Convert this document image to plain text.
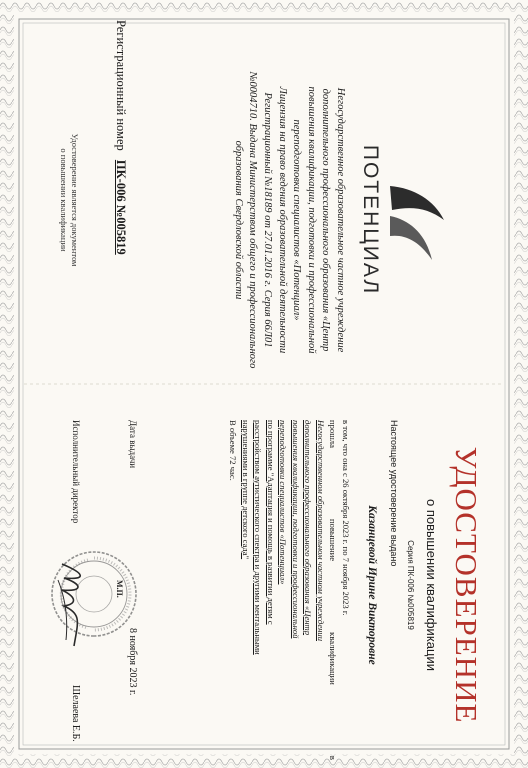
ПОТЕНЦИАЛ

Негосударственное образовательное частное учреждение

дополнительного профессионального образования «Центр

повышения квалификации, подготовки и профессиональной

переподготовки специалистов «Потенциал»

Лицензия на право ведения образовательной деятельности

Регистрационный №18189 от 27.01.2016 г. Серия 66Л01

№0004710. Выдана Министерством общего и профессионального

образования Свердловской области

Регистрационный номер ПК-006 №005819
Удостоверение является документом
о повышении квалификации
УДОСТОВЕРЕНИЕ
о повышении квалификации
Серия ПК-006 №005819
Настоящее удостоверение выдано
Казанцевой Ирине Викторовне
в том, что она с 26 октября 2023 г. по 7 ноября 2023 г.
прошла
повышение
квалификации
в
Негосударственном образовательном частном учреждении
дополнительного профессионального образования «Центр
повышения квалификации, подготовки и профессиональной
переподготовки специалистов «Потенциал»
по программе "Адаптация и помощь в развитии детям с
расстройством аутистического спектра и другими ментальными
нарушениями в группе детского сада"
В объеме 72 час.
Дата выдачи
М.П.
8 ноября 2023 г.
Исполнительный директор
Шелаева Е.Б.
